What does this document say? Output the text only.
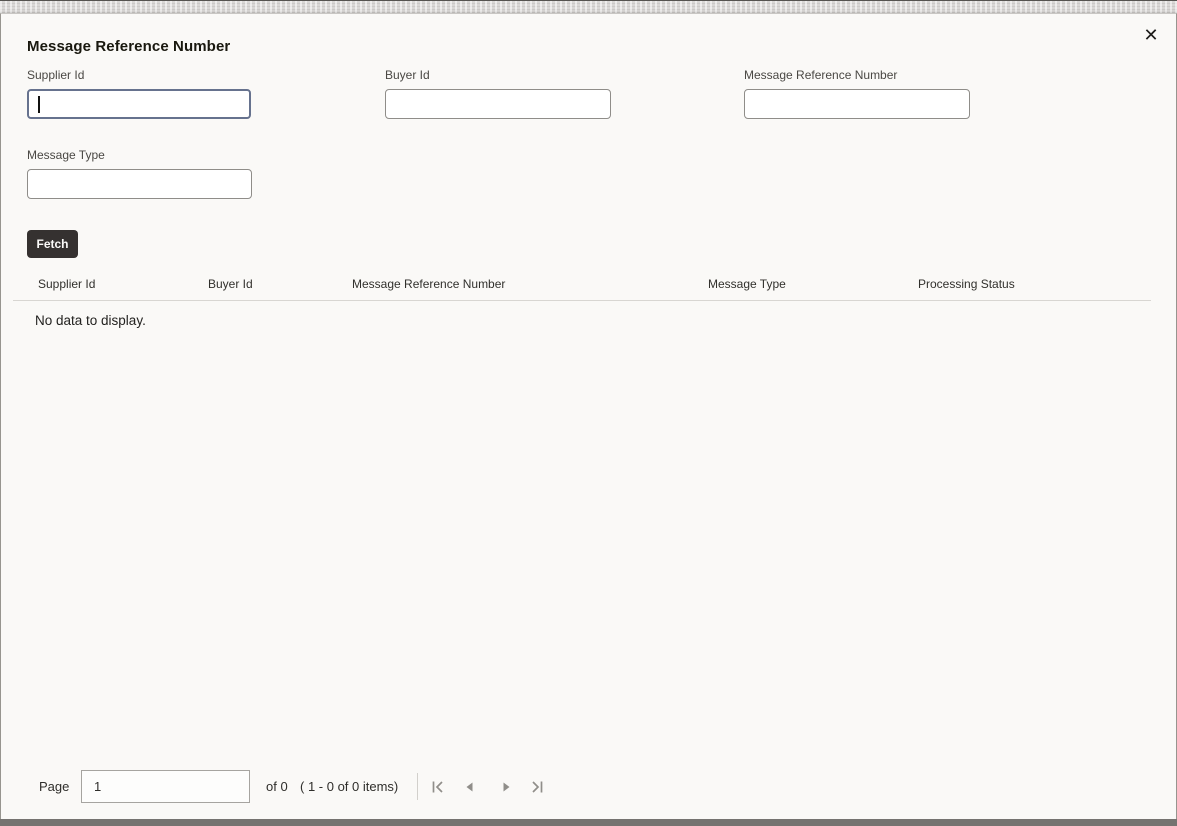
✕
Message Reference Number
Supplier Id	Buyer Id	Message Reference Number
Message Type
Fetch
Supplier Id	Buyer Id	Message Reference Number	Message Type	Processing Status
No data to display.
Page
1	of 0 ( 1 - 0 of 0 items)
